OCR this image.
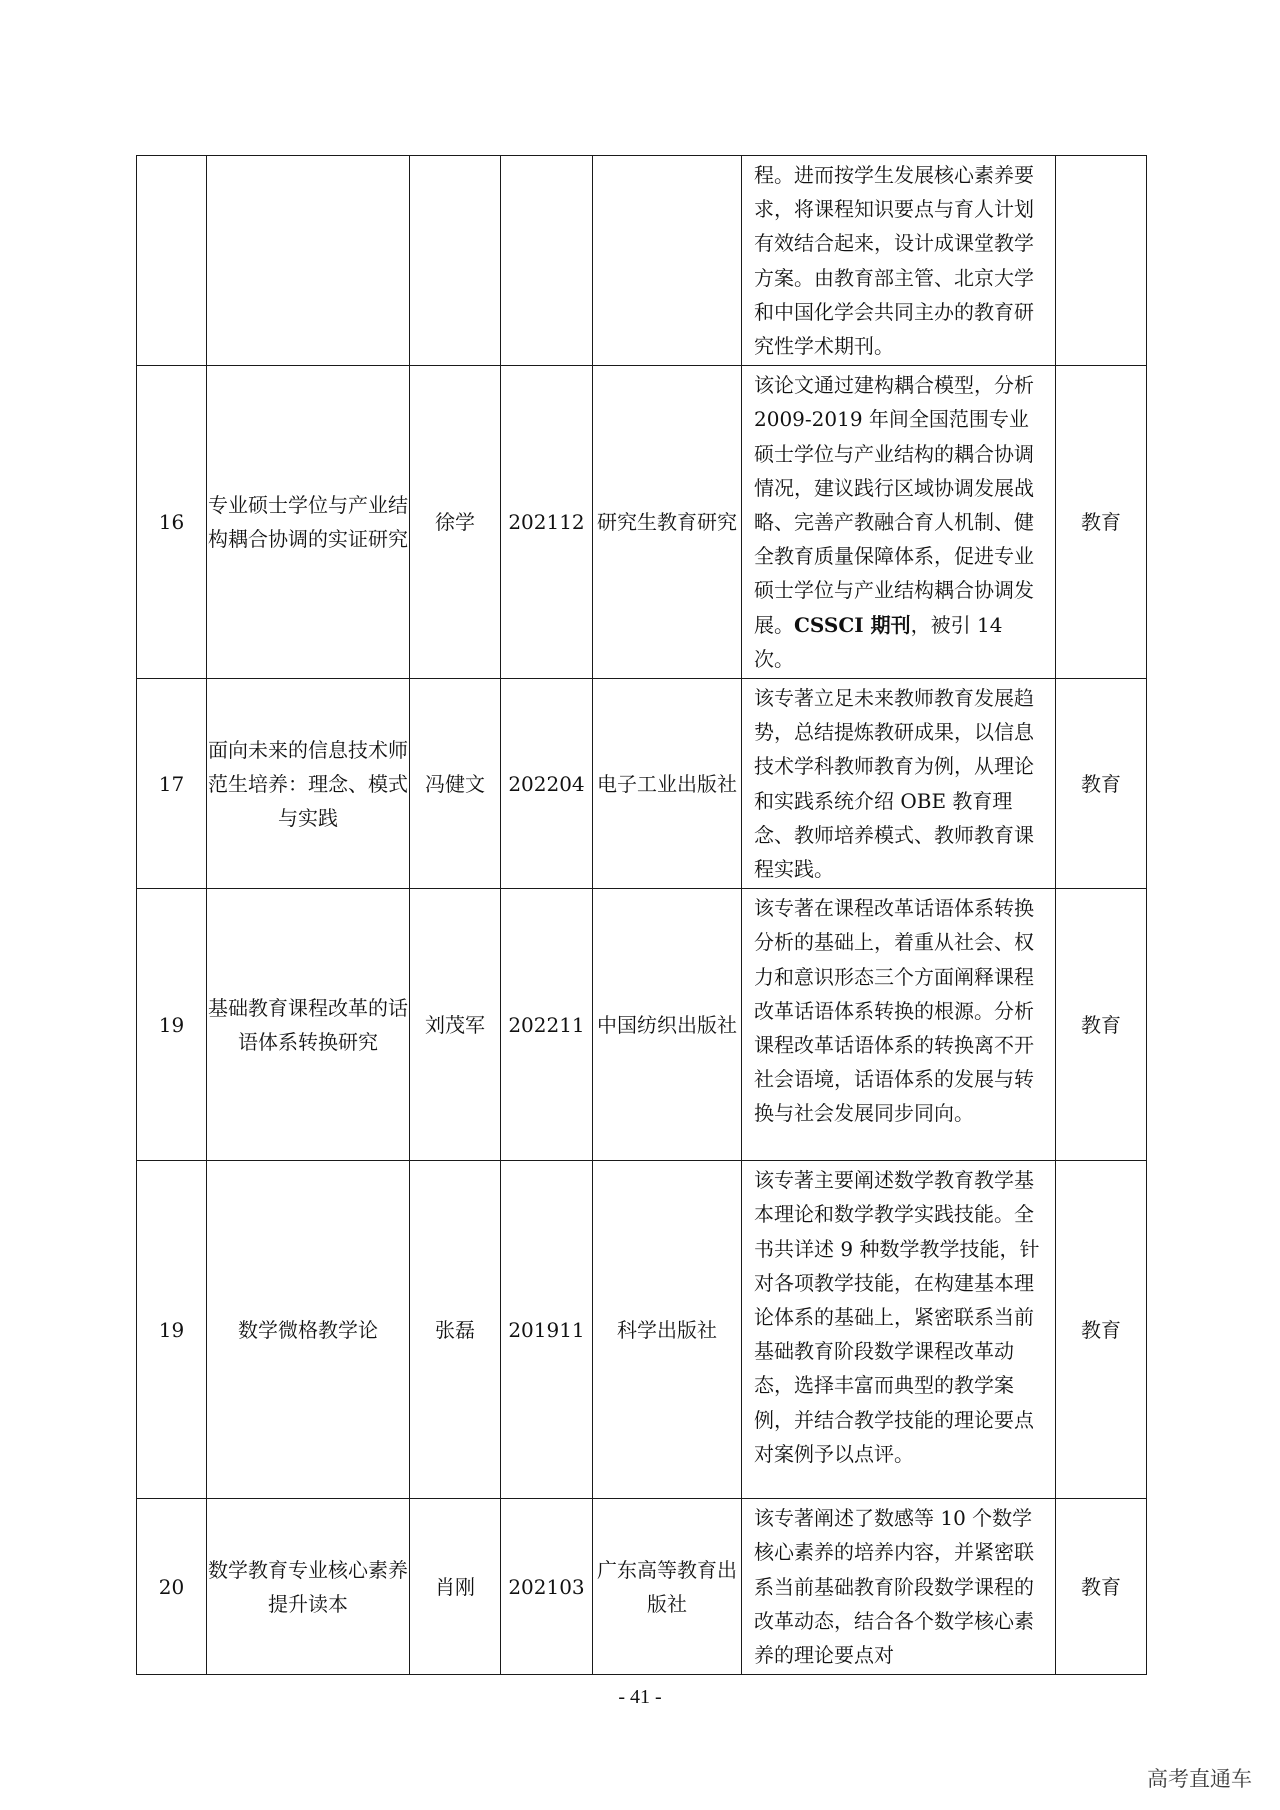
					程。进而按学生发展核心素养要求，将课程知识要点与育人计划有效结合起来，设计成课堂教学方案。由教育部主管、北京大学和中国化学会共同主办的教育研究性学术期刊。	
16	专业硕士学位与产业结构耦合协调的实证研究	徐学	202112	研究生教育研究	该论文通过建构耦合模型，分析 2009-2019 年间全国范围专业硕士学位与产业结构的耦合协调情况，建议践行区域协调发展战略、完善产教融合育人机制、健全教育质量保障体系，促进专业硕士学位与产业结构耦合协调发展。CSSCI 期刊，被引 14 次。	教育
17	面向未来的信息技术师范生培养：理念、模式与实践	冯健文	202204	电子工业出版社	该专著立足未来教师教育发展趋势，总结提炼教研成果，以信息技术学科教师教育为例，从理论和实践系统介绍 OBE 教育理念、教师培养模式、教师教育课程实践。	教育
19	基础教育课程改革的话语体系转换研究	刘茂军	202211	中国纺织出版社	该专著在课程改革话语体系转换分析的基础上，着重从社会、权力和意识形态三个方面阐释课程改革话语体系转换的根源。分析课程改革话语体系的转换离不开社会语境，话语体系的发展与转换与社会发展同步同向。	教育
19	数学微格教学论	张磊	201911	科学出版社	该专著主要阐述数学教育教学基本理论和数学教学实践技能。全书共详述 9 种数学教学技能，针对各项教学技能，在构建基本理论体系的基础上，紧密联系当前基础教育阶段数学课程改革动态，选择丰富而典型的教学案例，并结合教学技能的理论要点对案例予以点评。	教育
20	数学教育专业核心素养提升读本	肖刚	202103	广东高等教育出版社	该专著阐述了数感等 10 个数学核心素养的培养内容，并紧密联系当前基础教育阶段数学课程的改革动态，结合各个数学核心素养的理论要点对	教育
- 41 -
高考直通车
